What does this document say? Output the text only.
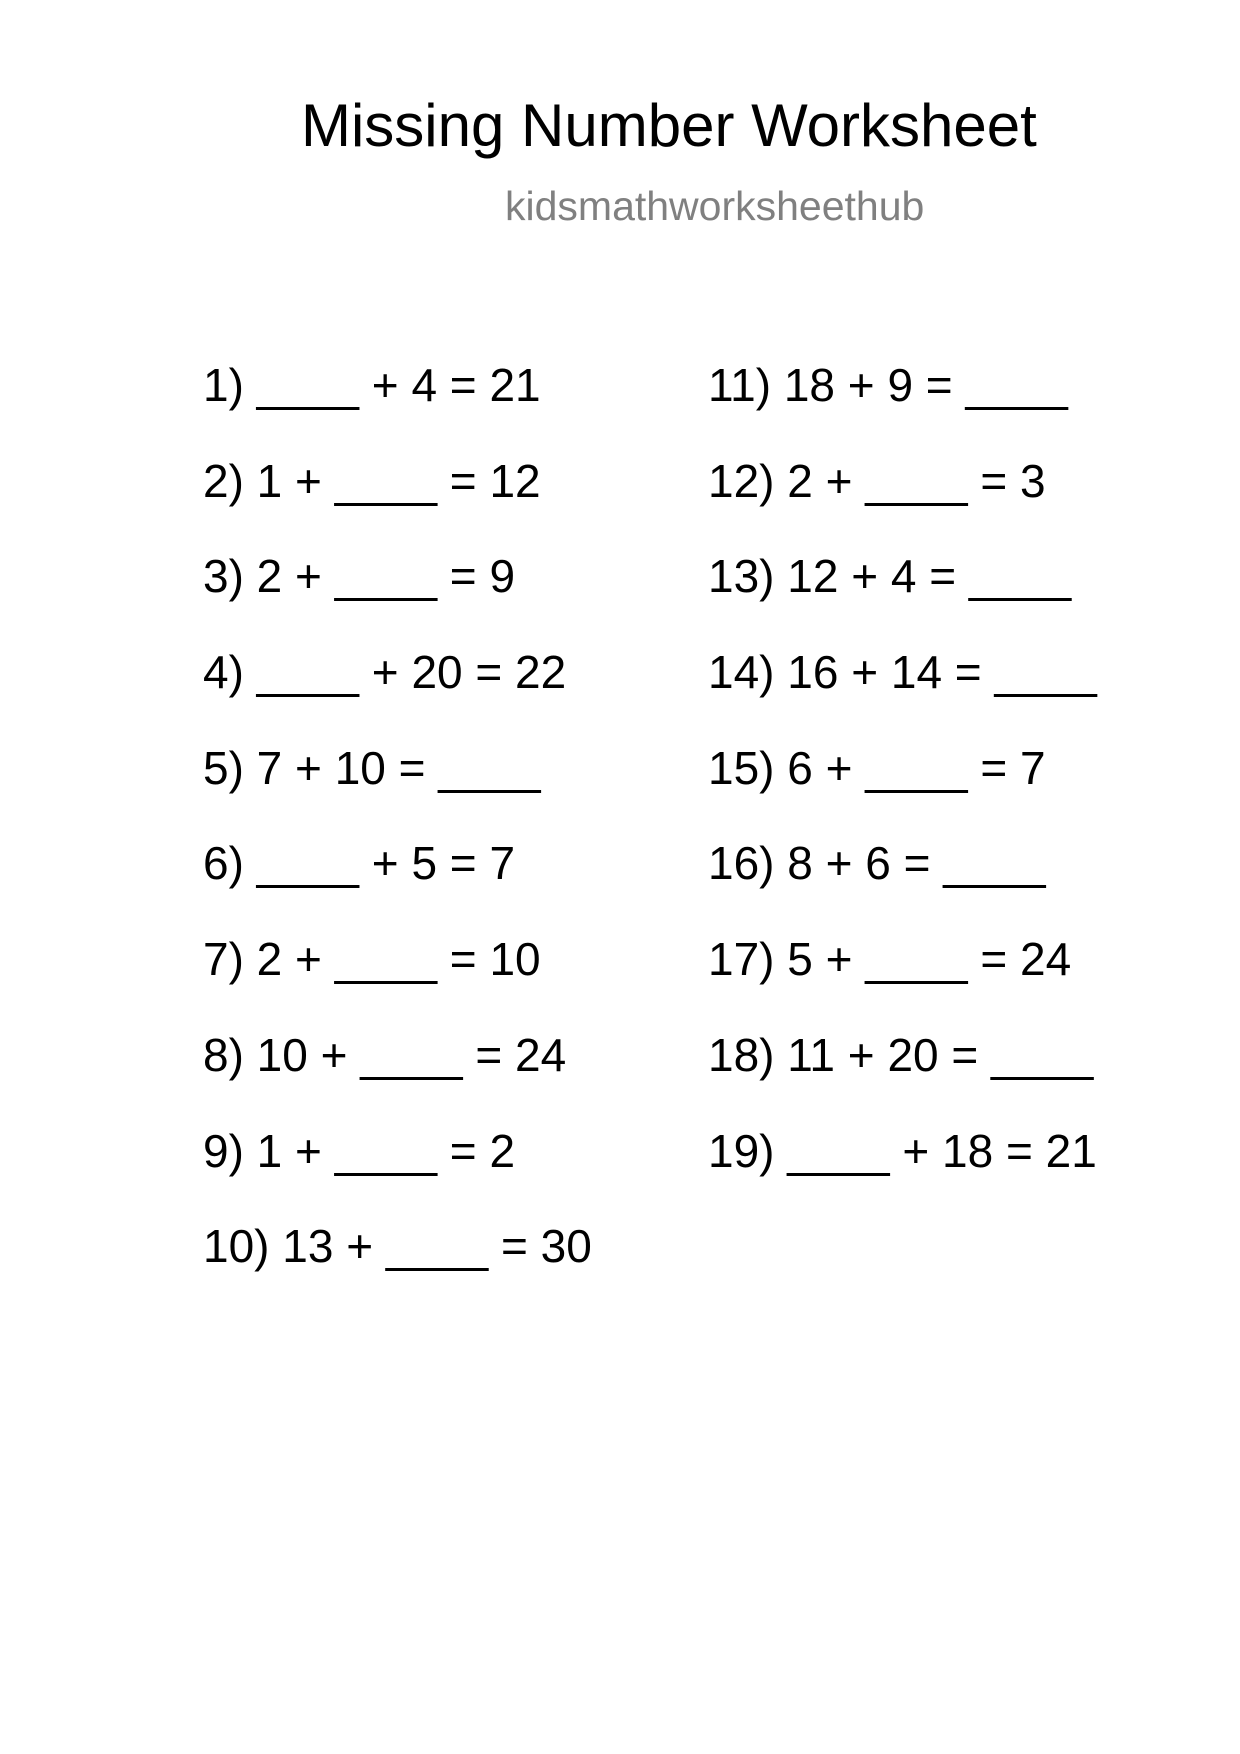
Missing Number Worksheet
kidsmathworksheethub
1) ____ + 4 = 21
2) 1 + ____ = 12
3) 2 + ____ = 9
4) ____ + 20 = 22
5) 7 + 10 = ____
6) ____ + 5 = 7
7) 2 + ____ = 10
8) 10 + ____ = 24
9) 1 + ____ = 2
10) 13 + ____ = 30
11) 18 + 9 = ____
12) 2 + ____ = 3
13) 12 + 4 = ____
14) 16 + 14 = ____
15) 6 + ____ = 7
16) 8 + 6 = ____
17) 5 + ____ = 24
18) 11 + 20 = ____
19) ____ + 18 = 21
